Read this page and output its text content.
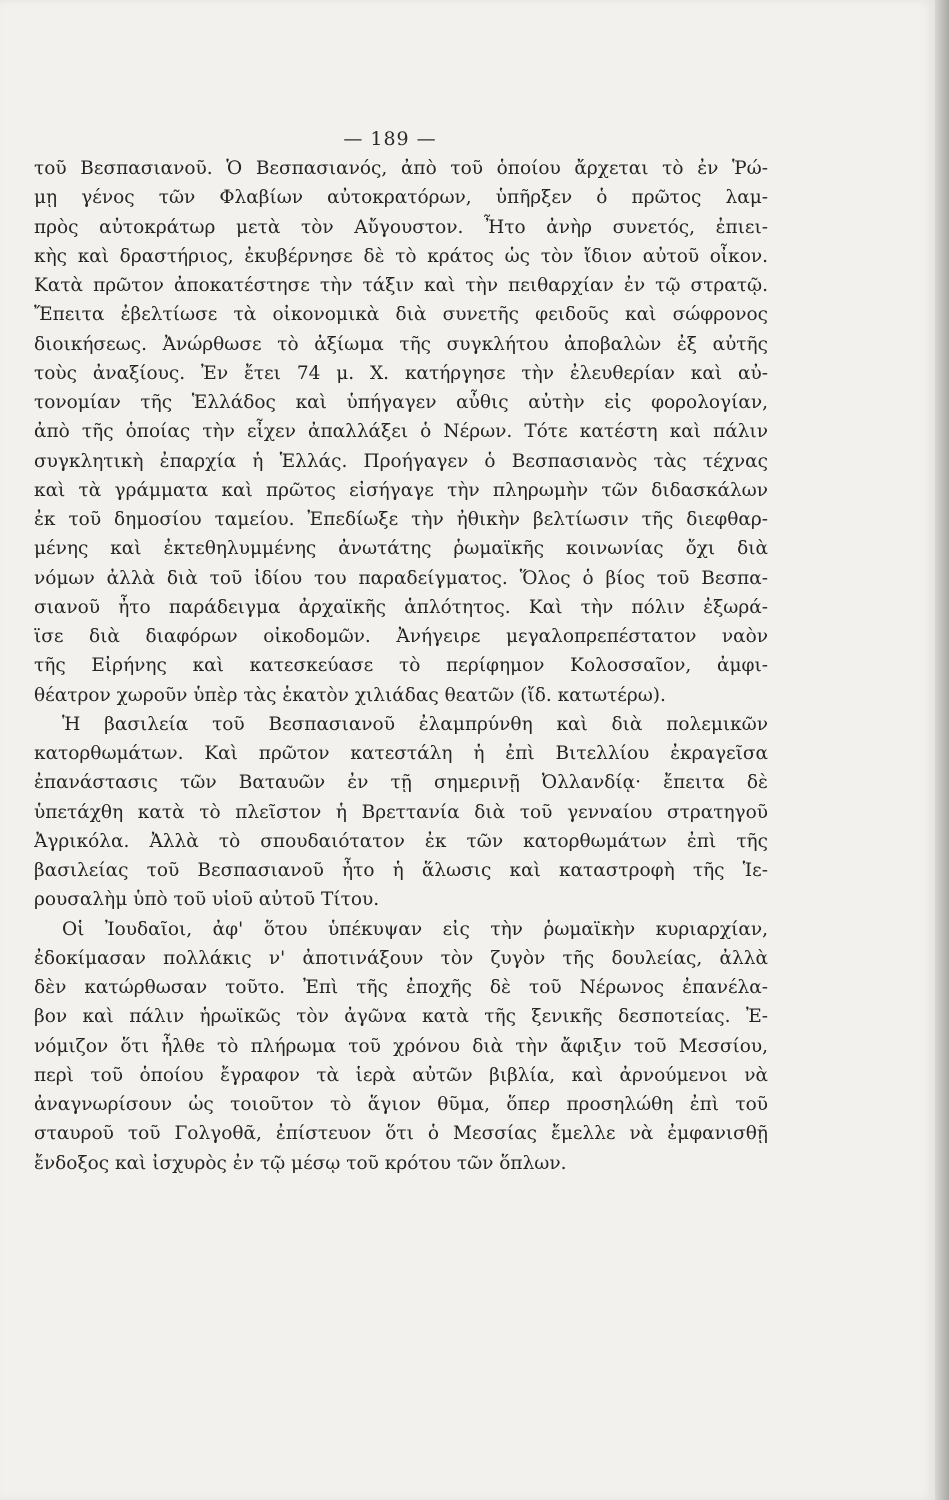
— 189 —
τοῦ Βεσπασιανοῦ. Ὁ Βεσπασιανός, ἀπὸ τοῦ ὁποίου ἄρχεται τὸ ἐν Ῥώ-
μῃ γένος τῶν Φλαβίων αὐτοκρατόρων, ὑπῆρξεν ὁ πρῶτος λαμ-
πρὸς αὐτοκράτωρ μετὰ τὸν Αὔγουστον. Ἦτο ἀνὴρ συνετός, ἐπιει-
κὴς καὶ δραστήριος, ἐκυβέρνησε δὲ τὸ κράτος ὡς τὸν ἴδιον αὐτοῦ οἶκον.
Κατὰ πρῶτον ἀποκατέστησε τὴν τάξιν καὶ τὴν πειθαρχίαν ἐν τῷ στρατῷ.
Ἔπειτα ἐβελτίωσε τὰ οἰκονομικὰ διὰ συνετῆς φειδοῦς καὶ σώφρονος
διοικήσεως. Ἀνώρθωσε τὸ ἀξίωμα τῆς συγκλήτου ἀποβαλὼν ἐξ αὐτῆς
τοὺς ἀναξίους. Ἐν ἔτει 74 μ. Χ. κατήργησε τὴν ἐλευθερίαν καὶ αὐ-
τονομίαν τῆς Ἑλλάδος καὶ ὑπήγαγεν αὖθις αὐτὴν εἰς φορολογίαν,
ἀπὸ τῆς ὁποίας τὴν εἶχεν ἀπαλλάξει ὁ Νέρων. Τότε κατέστη καὶ πάλιν
συγκλητικὴ ἐπαρχία ἡ Ἑλλάς. Προήγαγεν ὁ Βεσπασιανὸς τὰς τέχνας
καὶ τὰ γράμματα καὶ πρῶτος εἰσήγαγε τὴν πληρωμὴν τῶν διδασκάλων
ἐκ τοῦ δημοσίου ταμείου. Ἐπεδίωξε τὴν ἠθικὴν βελτίωσιν τῆς διεφθαρ-
μένης καὶ ἐκτεθηλυμμένης ἀνωτάτης ῥωμαϊκῆς κοινωνίας ὄχι διὰ
νόμων ἀλλὰ διὰ τοῦ ἰδίου του παραδείγματος. Ὅλος ὁ βίος τοῦ Βεσπα-
σιανοῦ ἦτο παράδειγμα ἀρχαϊκῆς ἁπλότητος. Καὶ τὴν πόλιν ἐξωρά-
ϊσε διὰ διαφόρων οἰκοδομῶν. Ἀνήγειρε μεγαλοπρεπέστατον ναὸν
τῆς Εἰρήνης καὶ κατεσκεύασε τὸ περίφημον Κολοσσαῖον, ἀμφι-
θέατρον χωροῦν ὑπὲρ τὰς ἑκατὸν χιλιάδας θεατῶν (ἴδ. κατωτέρω).
Ἡ βασιλεία τοῦ Βεσπασιανοῦ ἐλαμπρύνθη καὶ διὰ πολεμικῶν
κατορθωμάτων. Καὶ πρῶτον κατεστάλη ἡ ἐπὶ Βιτελλίου ἐκραγεῖσα
ἐπανάστασις τῶν Βαταυῶν ἐν τῇ σημερινῇ Ὀλλανδίᾳ· ἔπειτα δὲ
ὑπετάχθη κατὰ τὸ πλεῖστον ἡ Βρεττανία διὰ τοῦ γενναίου στρατηγοῦ
Ἀγρικόλα. Ἀλλὰ τὸ σπουδαιότατον ἐκ τῶν κατορθωμάτων ἐπὶ τῆς
βασιλείας τοῦ Βεσπασιανοῦ ἦτο ἡ ἅλωσις καὶ καταστροφὴ τῆς Ἱε-
ρουσαλὴμ ὑπὸ τοῦ υἱοῦ αὐτοῦ Τίτου.
Οἱ Ἰουδαῖοι, ἀφ' ὅτου ὑπέκυψαν εἰς τὴν ῥωμαϊκὴν κυριαρχίαν,
ἐδοκίμασαν πολλάκις ν' ἀποτινάξουν τὸν ζυγὸν τῆς δουλείας, ἀλλὰ
δὲν κατώρθωσαν τοῦτο. Ἐπὶ τῆς ἐποχῆς δὲ τοῦ Νέρωνος ἐπανέλα-
βον καὶ πάλιν ἡρωϊκῶς τὸν ἀγῶνα κατὰ τῆς ξενικῆς δεσποτείας. Ἐ-
νόμιζον ὅτι ἦλθε τὸ πλήρωμα τοῦ χρόνου διὰ τὴν ἄφιξιν τοῦ Μεσσίου,
περὶ τοῦ ὁποίου ἔγραφον τὰ ἱερὰ αὐτῶν βιβλία, καὶ ἀρνούμενοι νὰ
ἀναγνωρίσουν ὡς τοιοῦτον τὸ ἅγιον θῦμα, ὅπερ προσηλώθη ἐπὶ τοῦ
σταυροῦ τοῦ Γολγοθᾶ, ἐπίστευον ὅτι ὁ Μεσσίας ἔμελλε νὰ ἐμφανισθῇ
ἔνδοξος καὶ ἰσχυρὸς ἐν τῷ μέσῳ τοῦ κρότου τῶν ὅπλων.
